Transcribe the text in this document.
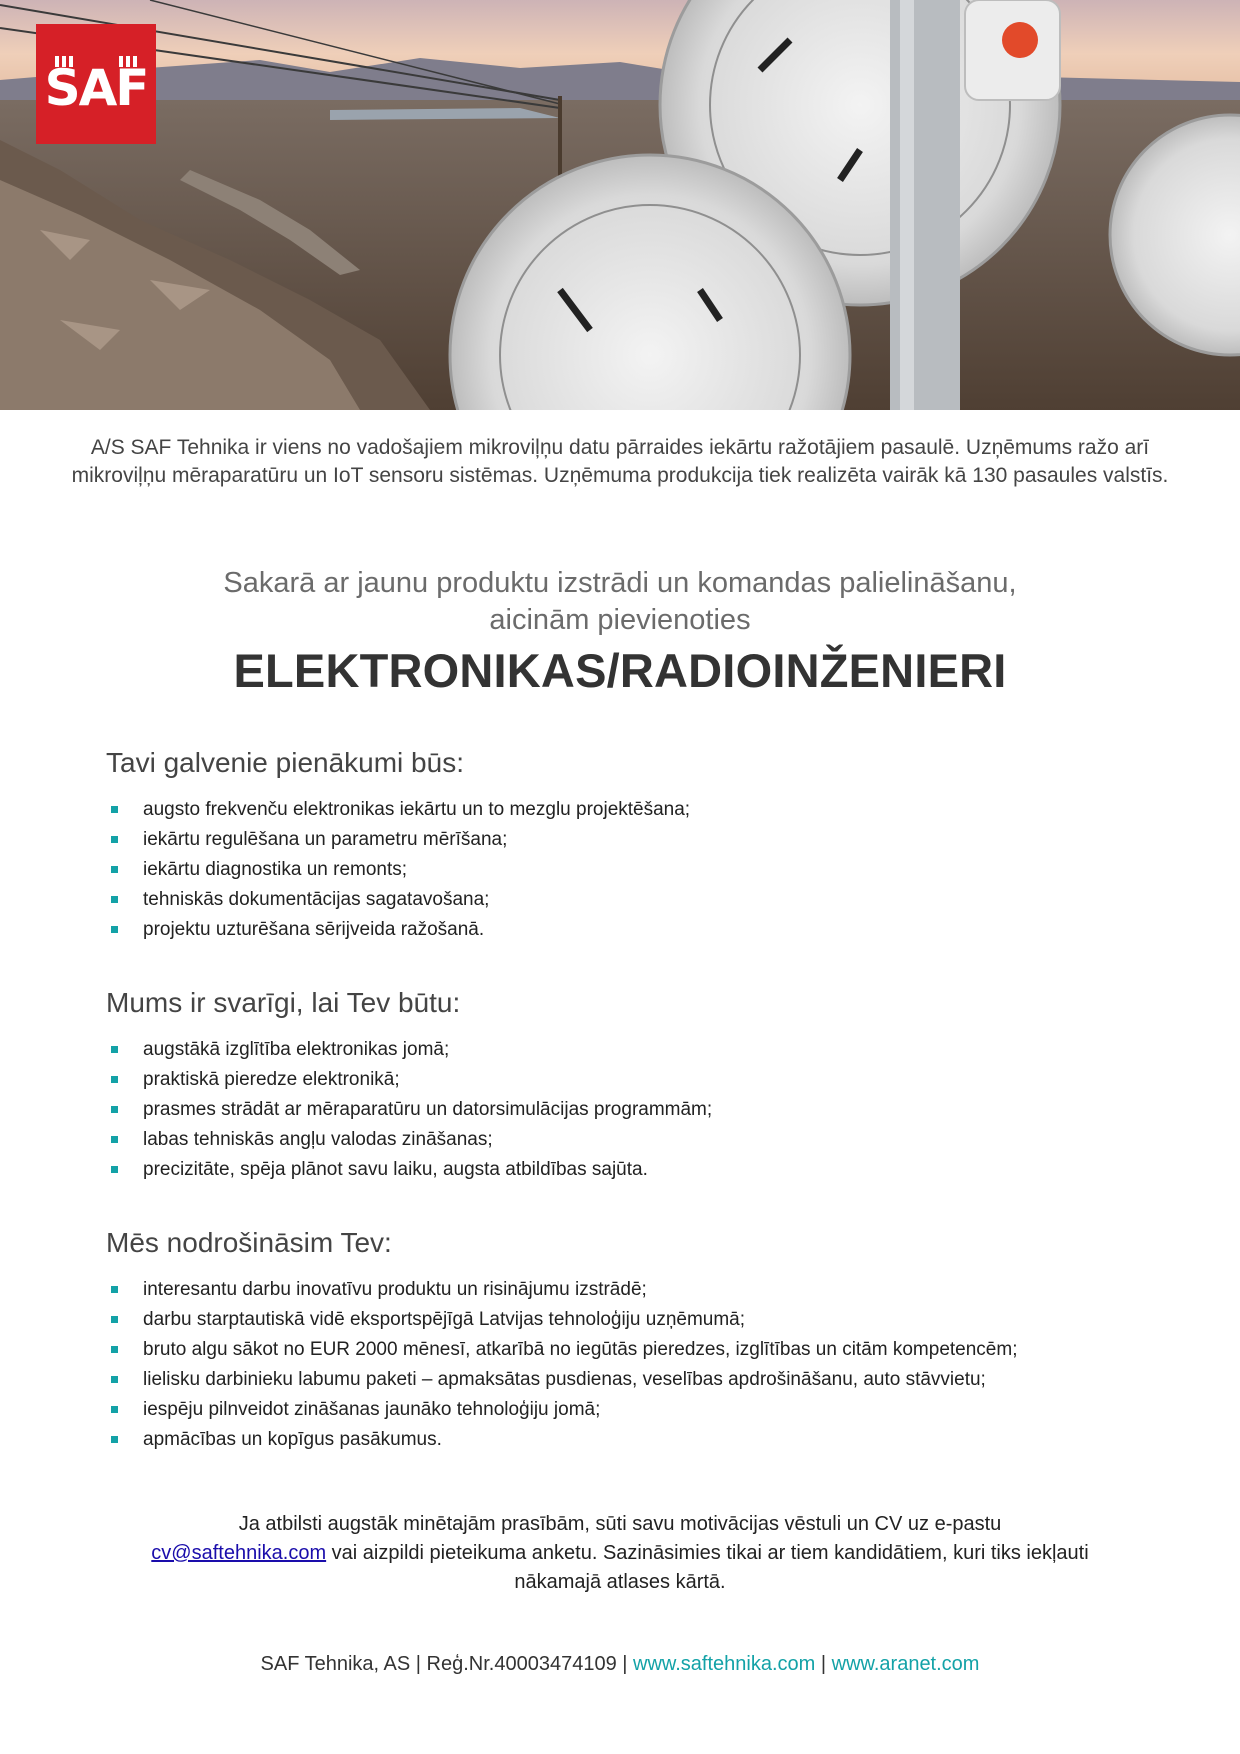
SAF

A/S SAF Tehnika ir viens no vadošajiem mikroviļņu datu pārraides iekārtu ražotājiem pasaulē. Uzņēmums ražo arī mikroviļņu mēraparatūru un IoT sensoru sistēmas. Uzņēmuma produkcija tiek realizēta vairāk kā 130 pasaules valstīs.

Sakarā ar jaunu produktu izstrādi un komandas palielināšanu,
aicinām pievienoties
ELEKTRONIKAS/RADIOINŽENIERI
Tavi galvenie pienākumi būs:
augsto frekvenču elektronikas iekārtu un to mezglu projektēšana;
iekārtu regulēšana un parametru mērīšana;
iekārtu diagnostika un remonts;
tehniskās dokumentācijas sagatavošana;
projektu uzturēšana sērijveida ražošanā.
Mums ir svarīgi, lai Tev būtu:
augstākā izglītība elektronikas jomā;
praktiskā pieredze elektronikā;
prasmes strādāt ar mēraparatūru un datorsimulācijas programmām;
labas tehniskās angļu valodas zināšanas;
precizitāte, spēja plānot savu laiku, augsta atbildības sajūta.
Mēs nodrošināsim Tev:
interesantu darbu inovatīvu produktu un risinājumu izstrādē;
darbu starptautiskā vidē eksportspējīgā Latvijas tehnoloģiju uzņēmumā;
bruto algu sākot no EUR 2000 mēnesī, atkarībā no iegūtās pieredzes, izglītības un citām kompetencēm;
lielisku darbinieku labumu paketi – apmaksātas pusdienas, veselības apdrošināšanu, auto stāvvietu;
iespēju pilnveidot zināšanas jaunāko tehnoloģiju jomā;
apmācības un kopīgus pasākumus.
Ja atbilsti augstāk minētajām prasībām, sūti savu motivācijas vēstuli un CV uz e-pastu
cv@saftehnika.com vai aizpildi pieteikuma anketu. Sazināsimies tikai ar tiem kandidātiem, kuri tiks iekļauti
nākamajā atlases kārtā.
SAF Tehnika, AS | Reģ.Nr.40003474109 | www.saftehnika.com | www.aranet.com
